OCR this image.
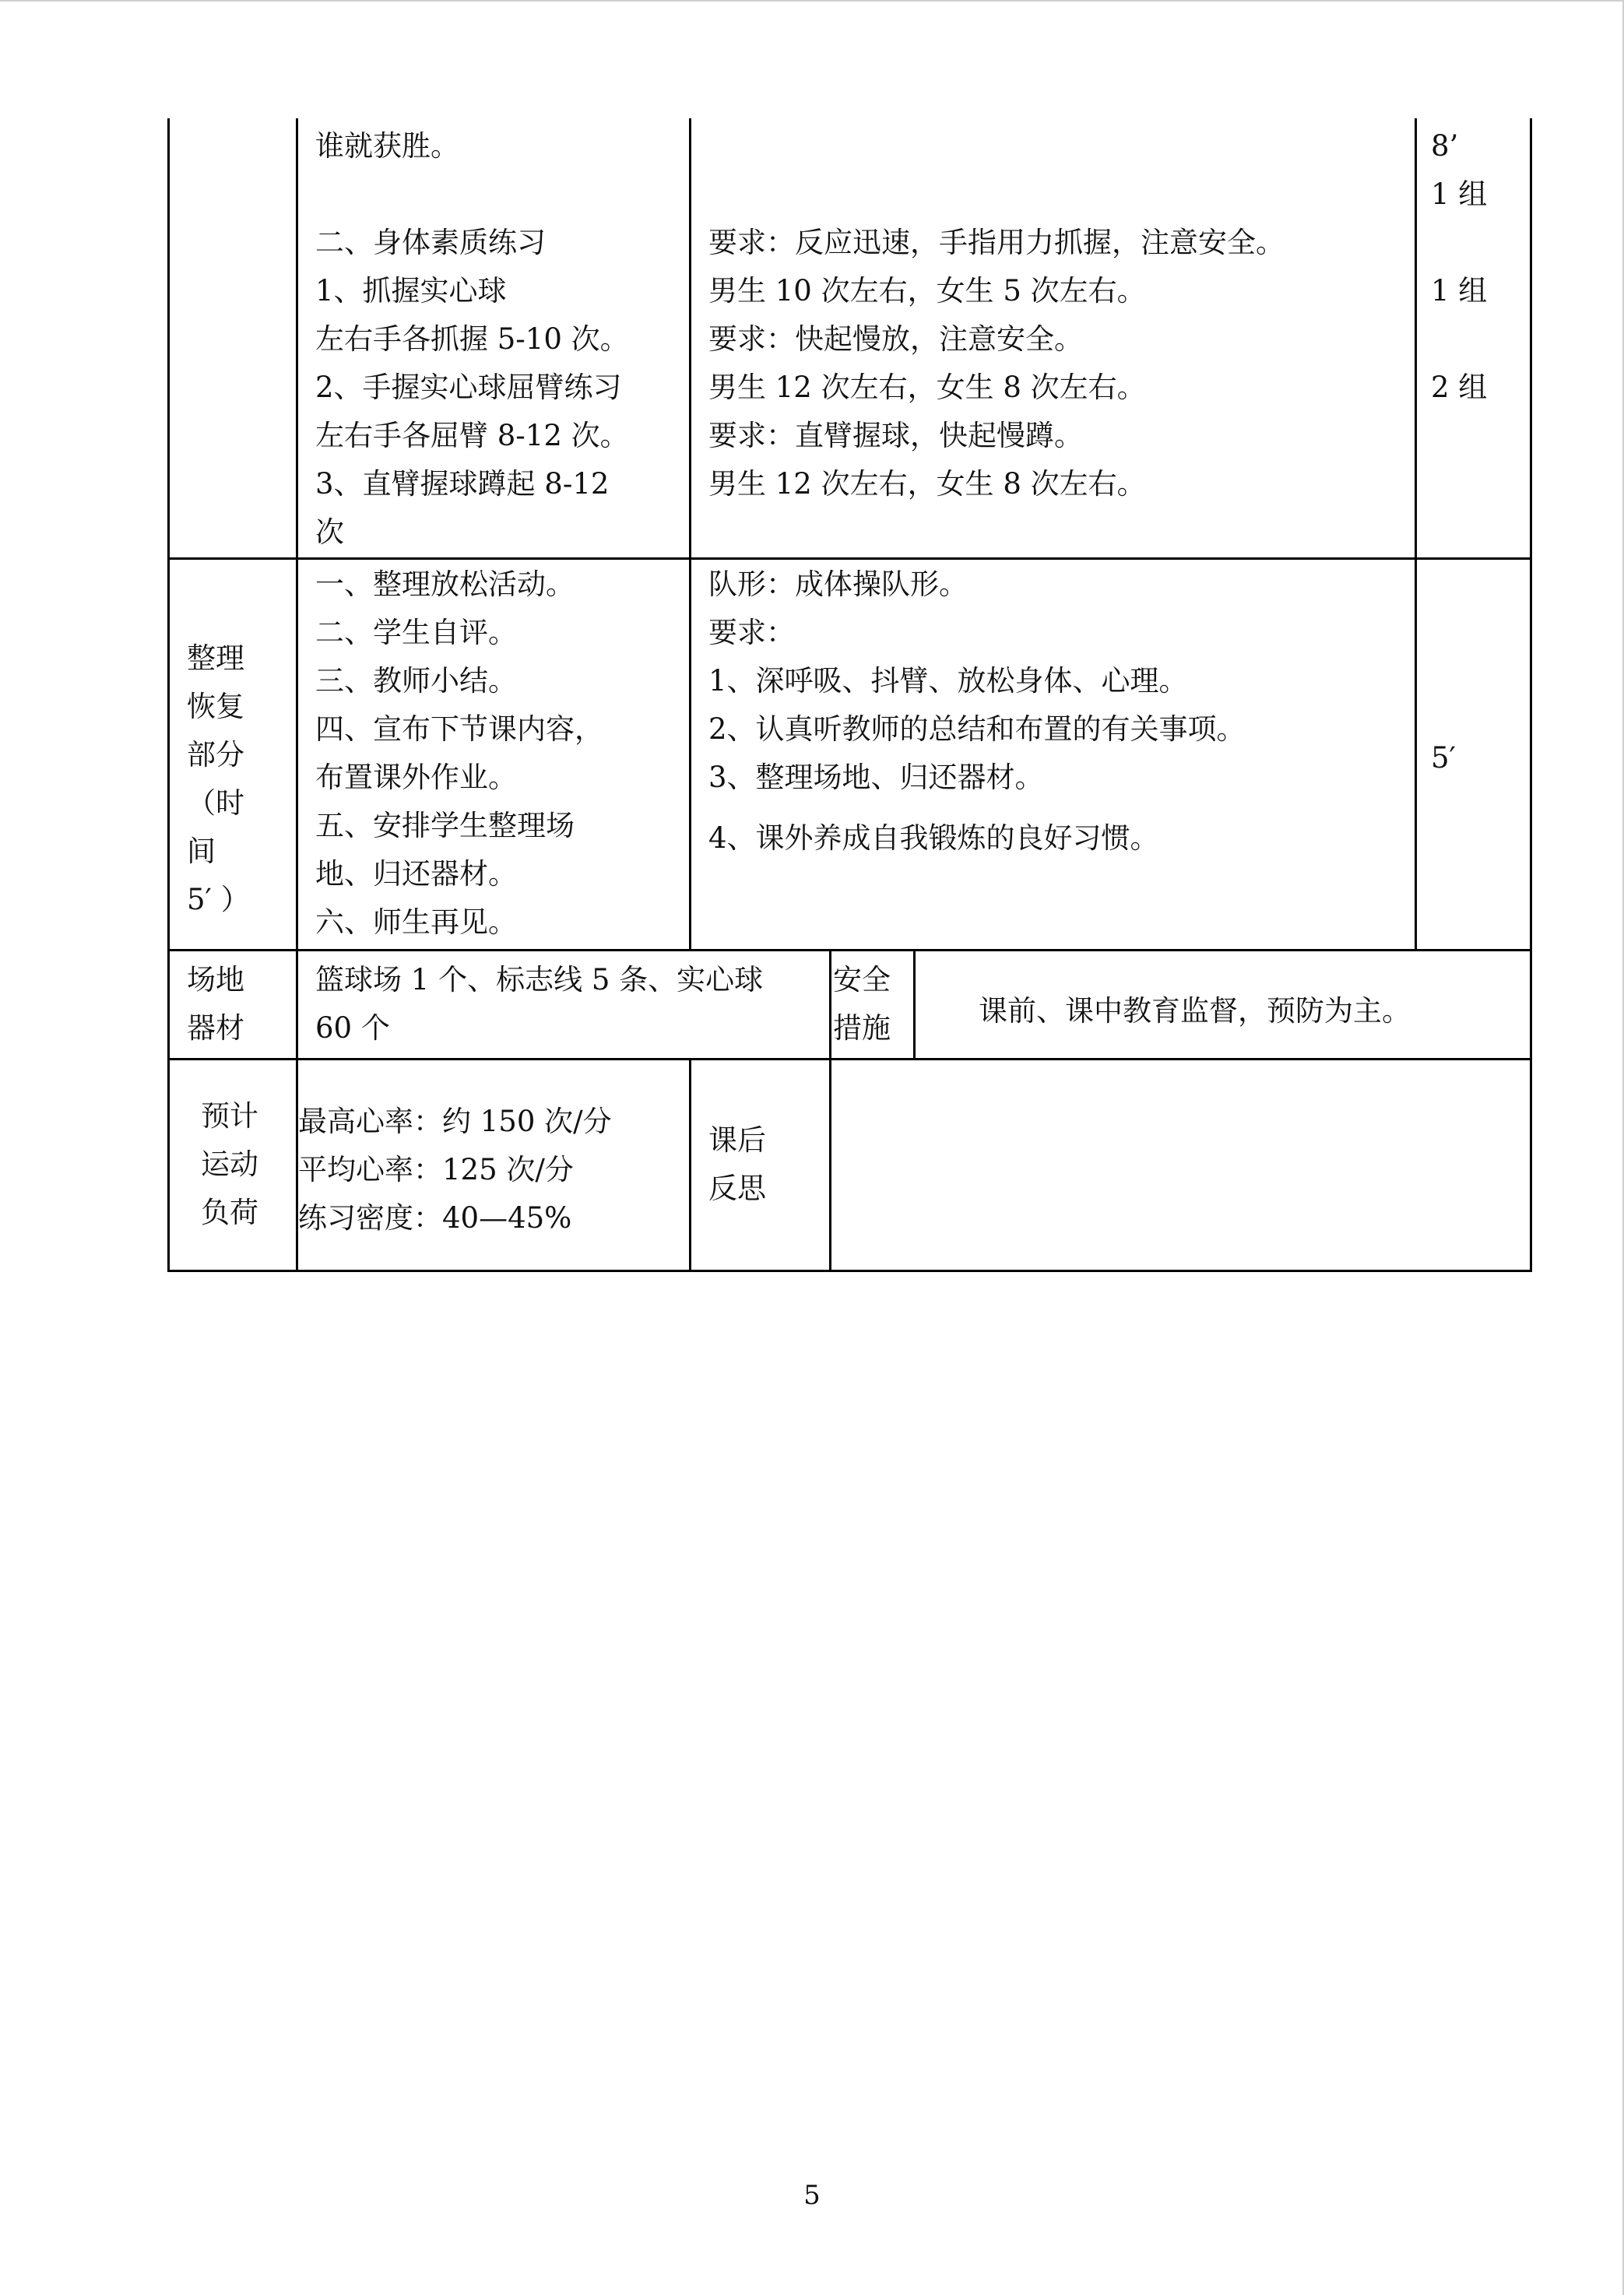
谁就获胜。
二、身体素质练习
1、抓握实心球
左右手各抓握 5-10 次。
2、手握实心球屈臂练习
左右手各屈臂 8-12 次。
3、直臂握球蹲起 8-12
次
要求：反应迅速，手指用力抓握，注意安全。
男生 10 次左右，女生 5 次左右。
要求：快起慢放，注意安全。
男生 12 次左右，女生 8 次左右。
要求：直臂握球，快起慢蹲。
男生 12 次左右，女生 8 次左右。
8’
1 组
1 组
2 组
整理
恢复
部分
（时
间
5′ ）
一、整理放松活动。
二、学生自评。
三、教师小结。
四、宣布下节课内容，
布置课外作业。
五、安排学生整理场
地、归还器材。
六、师生再见。
队形：成体操队形。
要求：
1、深呼吸、抖臂、放松身体、心理。
2、认真听教师的总结和布置的有关事项。
3、整理场地、归还器材。
4、课外养成自我锻炼的良好习惯。
5′
场地
器材
篮球场 1 个、标志线 5 条、实心球
60 个
安全
措施
课前、课中教育监督，预防为主。
预计
运动
负荷
最高心率：约 150 次/分
平均心率：125 次/分
练习密度：40—45%
课后
反思
5
